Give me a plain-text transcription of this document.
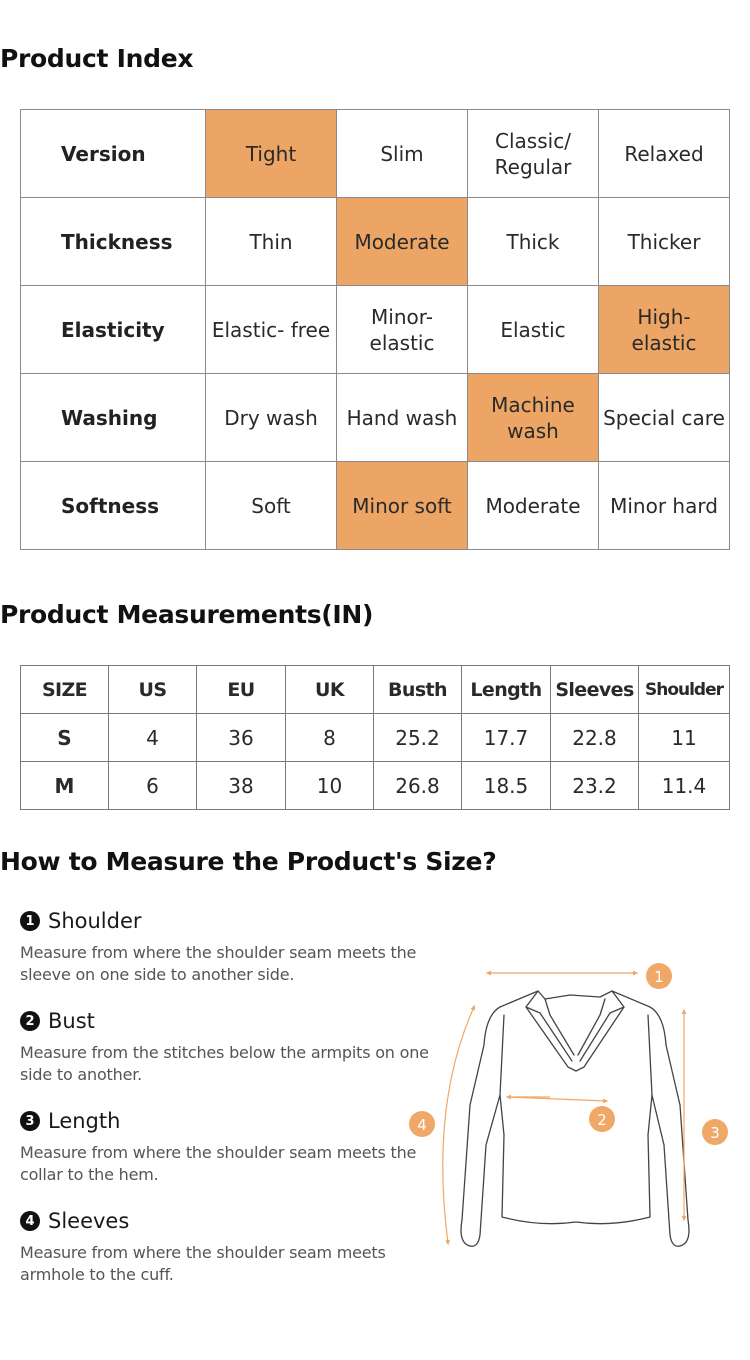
Product Index
Version	Tight	Slim	Classic/ Regular	Relaxed
Thickness	Thin	Moderate	Thick	Thicker
Elasticity	Elastic- free	Minor- elastic	Elastic	High- elastic
Washing	Dry wash	Hand wash	Machine wash	Special care
Softness	Soft	Minor soft	Moderate	Minor hard
Product Measurements(IN)
SIZE	US	EU	UK	Busth	Length	Sleeves	Shoulder
S	4	36	8	25.2	17.7	22.8	11
M	6	38	10	26.8	18.5	23.2	11.4
How to Measure the Product's Size?
1 Shoulder
Measure from where the shoulder seam meets the sleeve on one side to another side.
2 Bust
Measure from the stitches below the armpits on one side to another.
3 Length
Measure from where the shoulder seam meets the collar to the hem.
4 Sleeves
Measure from where the shoulder seam meets armhole to the cuff.
1
2
3
4
